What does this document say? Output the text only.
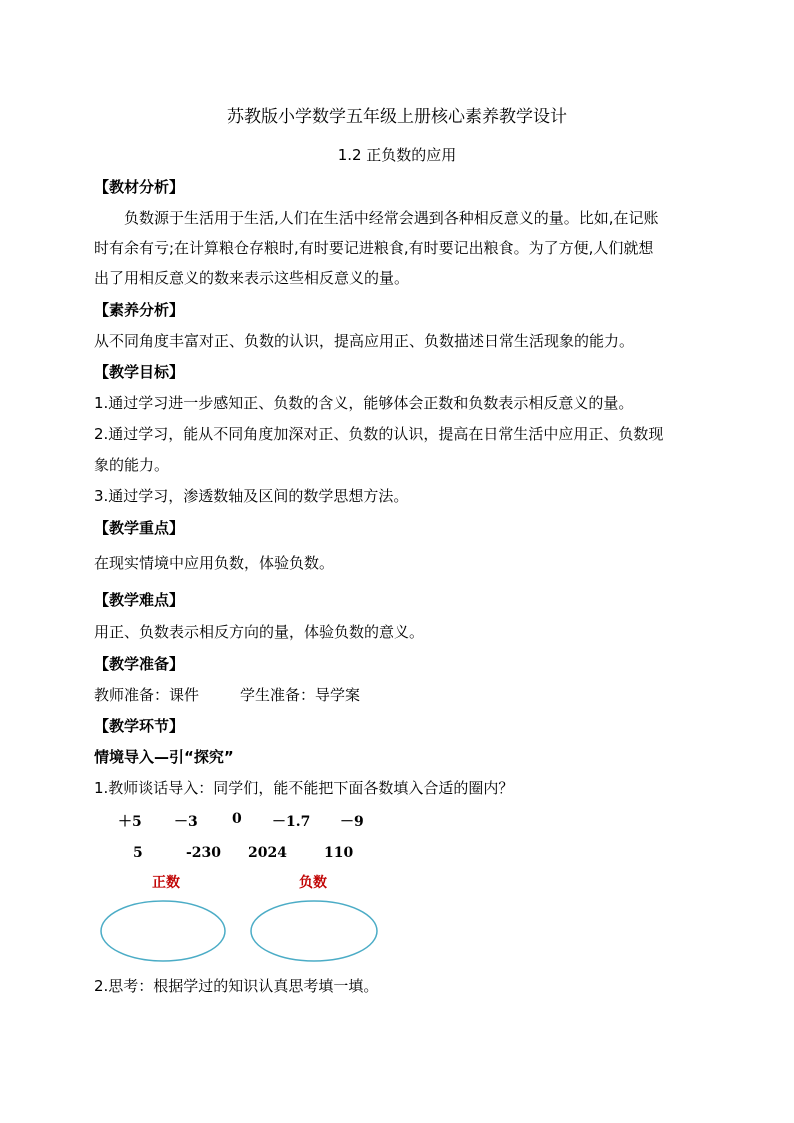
苏教版小学数学五年级上册核心素养教学设计
1.2 正负数的应用
【教材分析】
负数源于生活用于生活,人们在生活中经常会遇到各种相反意义的量。比如,在记账
时有余有亏;在计算粮仓存粮时,有时要记进粮食,有时要记出粮食。为了方便,人们就想
出了用相反意义的数来表示这些相反意义的量。
【素养分析】
从不同角度丰富对正、负数的认识，提高应用正、负数描述日常生活现象的能力。
【教学目标】
1.通过学习进一步感知正、负数的含义，能够体会正数和负数表示相反意义的量。
2.通过学习，能从不同角度加深对正、负数的认识，提高在日常生活中应用正、负数现
象的能力。
3.通过学习，渗透数轴及区间的数学思想方法。
【教学重点】
在现实情境中应用负数，体验负数。
【教学难点】
用正、负数表示相反方向的量，体验负数的意义。
【教学准备】
教师准备：课件	学生准备：导学案
【教学环节】
情境导入—引“探究”
1.教师谈话导入：同学们，能不能把下面各数填入合适的圈内？
＋5 －3 0 －1.7 －9
5	-230 2024	110
正数	负数
2.思考：根据学过的知识认真思考填一填。
